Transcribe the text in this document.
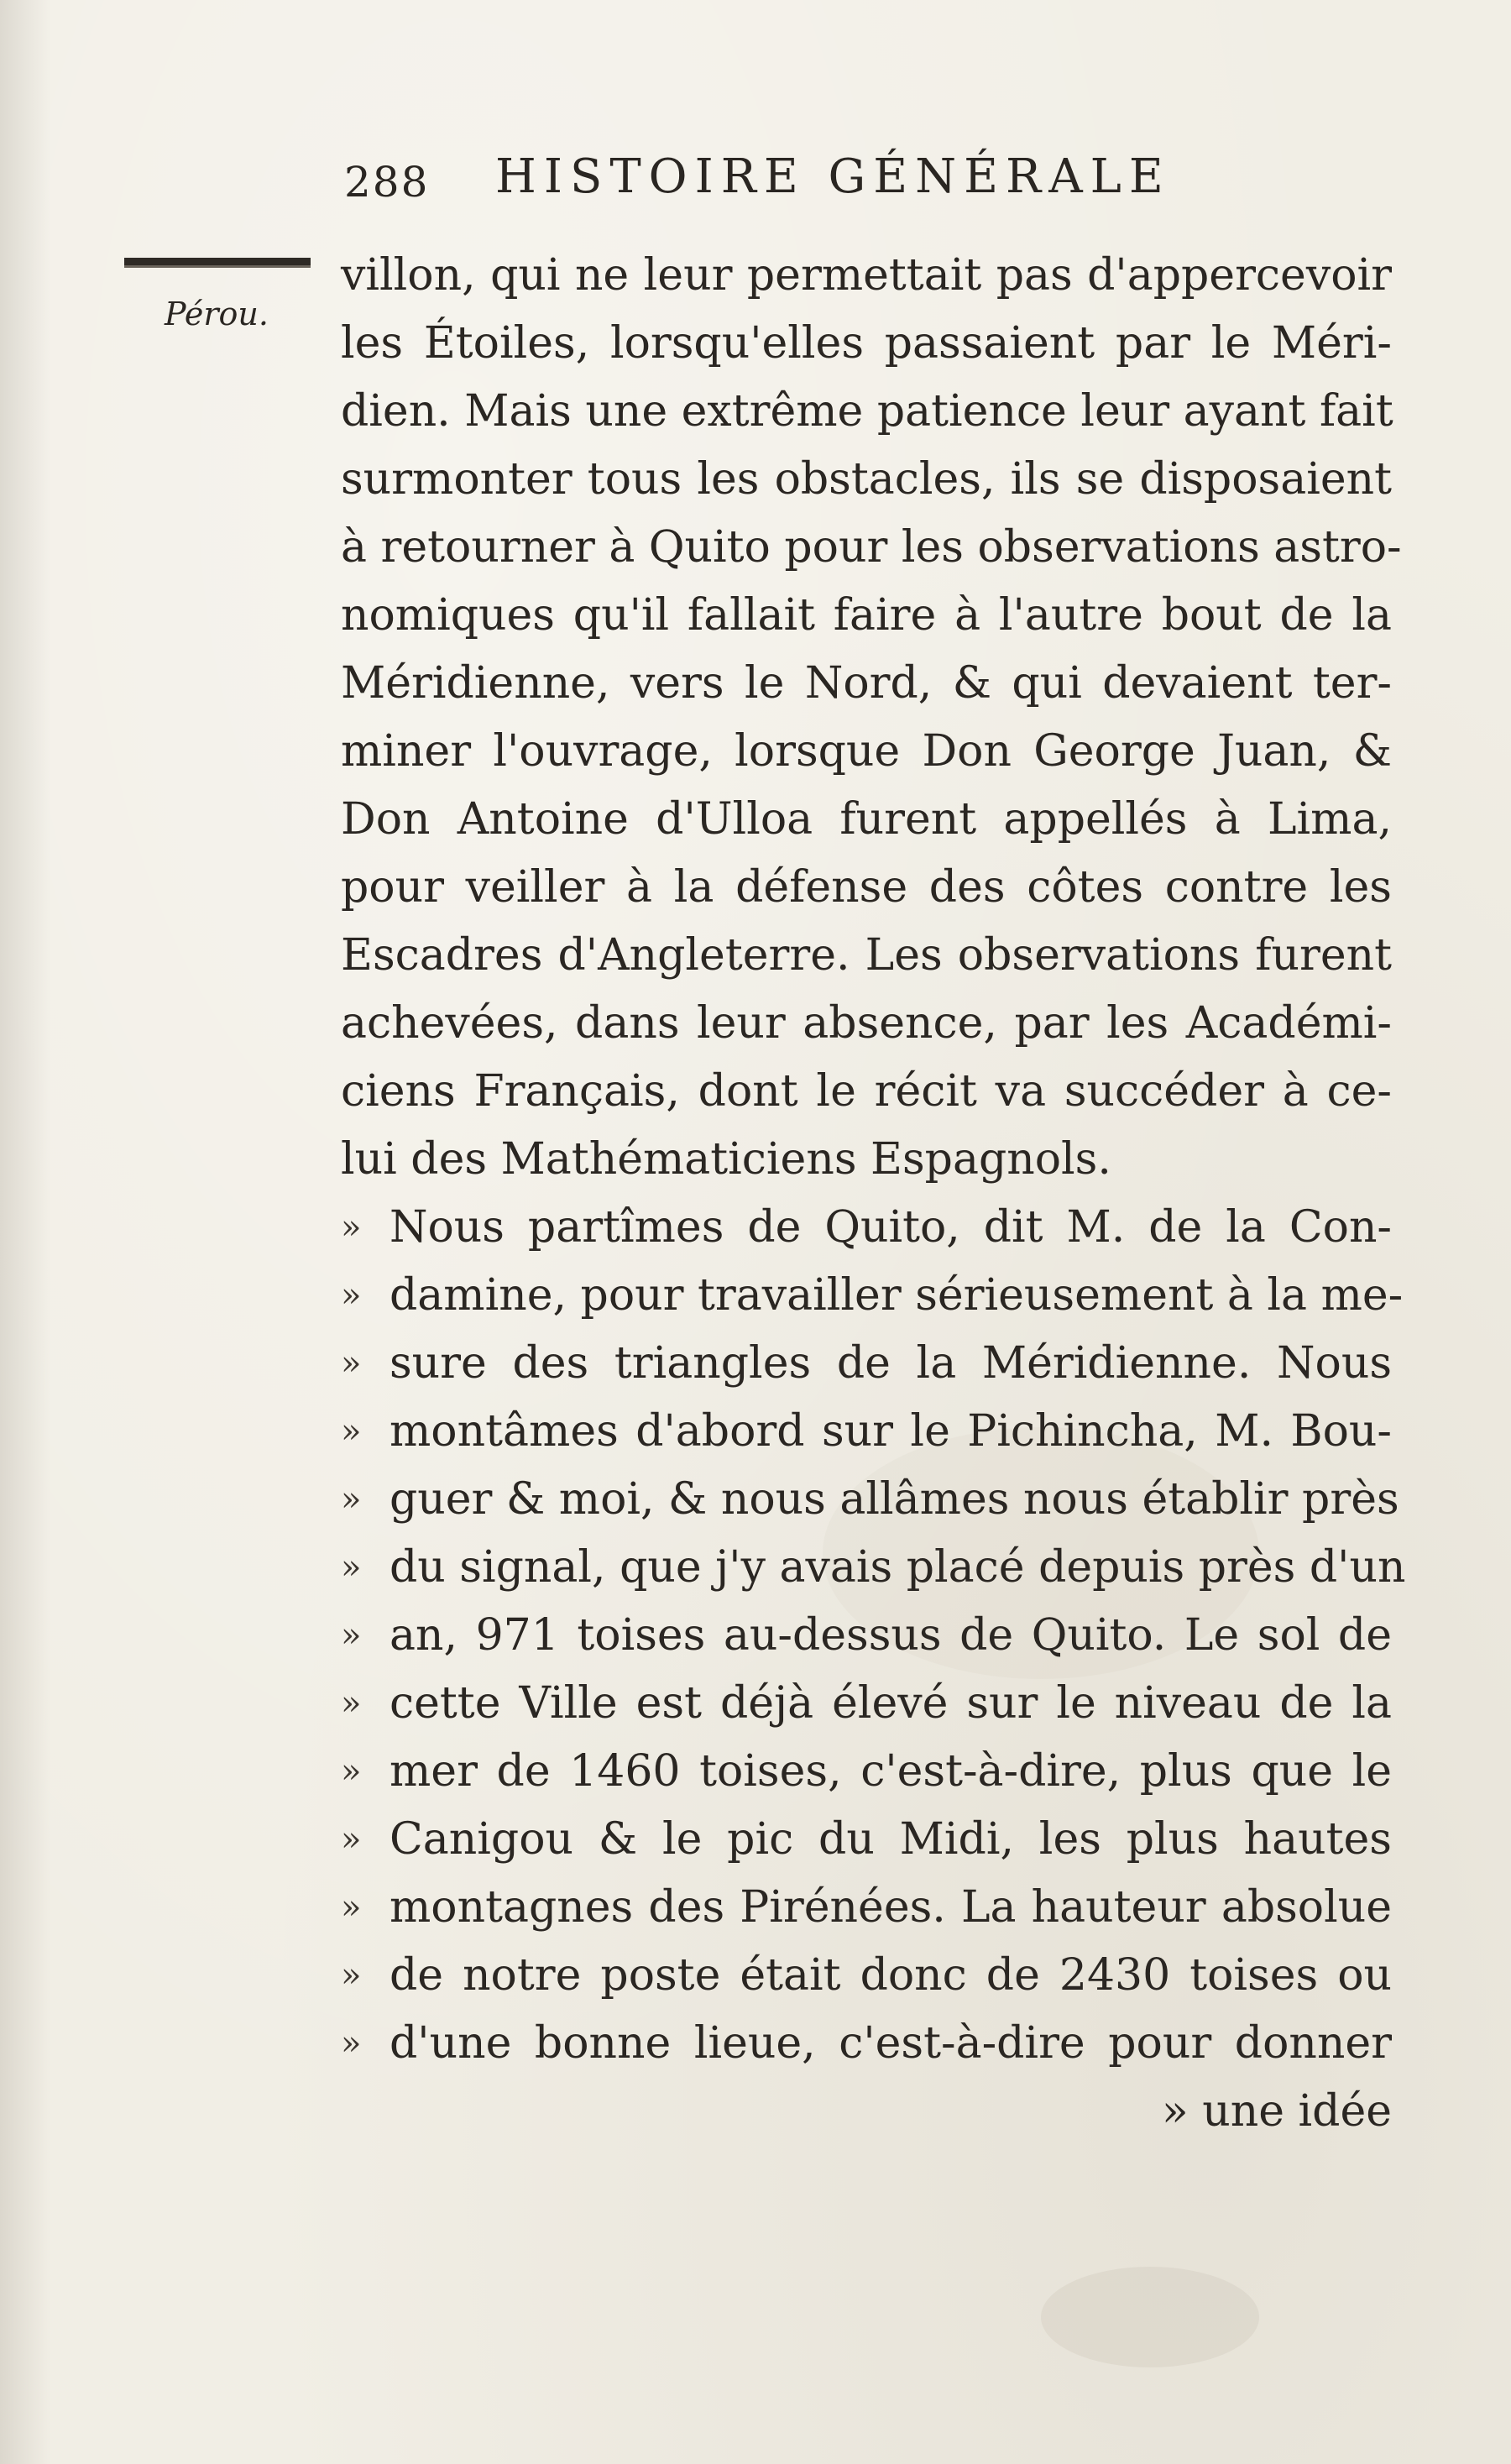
288 HISTOIRE GÉNÉRALE
Pérou.
villon, qui ne leur permettait pas d'appercevoir
les Étoiles, lorsqu'elles passaient par le Méri-
dien. Mais une extrême patience leur ayant fait
surmonter tous les obstacles, ils se disposaient
à retourner à Quito pour les observations astro-
nomiques qu'il fallait faire à l'autre bout de la
Méridienne, vers le Nord, & qui devaient ter-
miner l'ouvrage, lorsque Don George Juan, &
Don Antoine d'Ulloa furent appellés à Lima,
pour veiller à la défense des côtes contre les
Escadres d'Angleterre. Les observations furent
achevées, dans leur absence, par les Académi-
ciens Français, dont le récit va succéder à ce-
lui des Mathématiciens Espagnols.
» Nous partîmes de Quito, dit M. de la Con-
» damine, pour travailler sérieusement à la me-
» sure des triangles de la Méridienne. Nous
» montâmes d'abord sur le Pichincha, M. Bou-
» guer & moi, & nous allâmes nous établir près
» du signal, que j'y avais placé depuis près d'un
» an, 971 toises au-dessus de Quito. Le sol de
» cette Ville est déjà élevé sur le niveau de la
» mer de 1460 toises, c'est-à-dire, plus que le
» Canigou & le pic du Midi, les plus hautes
» montagnes des Pirénées. La hauteur absolue
» de notre poste était donc de 2430 toises ou
» d'une bonne lieue, c'est-à-dire pour donner
» une idée
